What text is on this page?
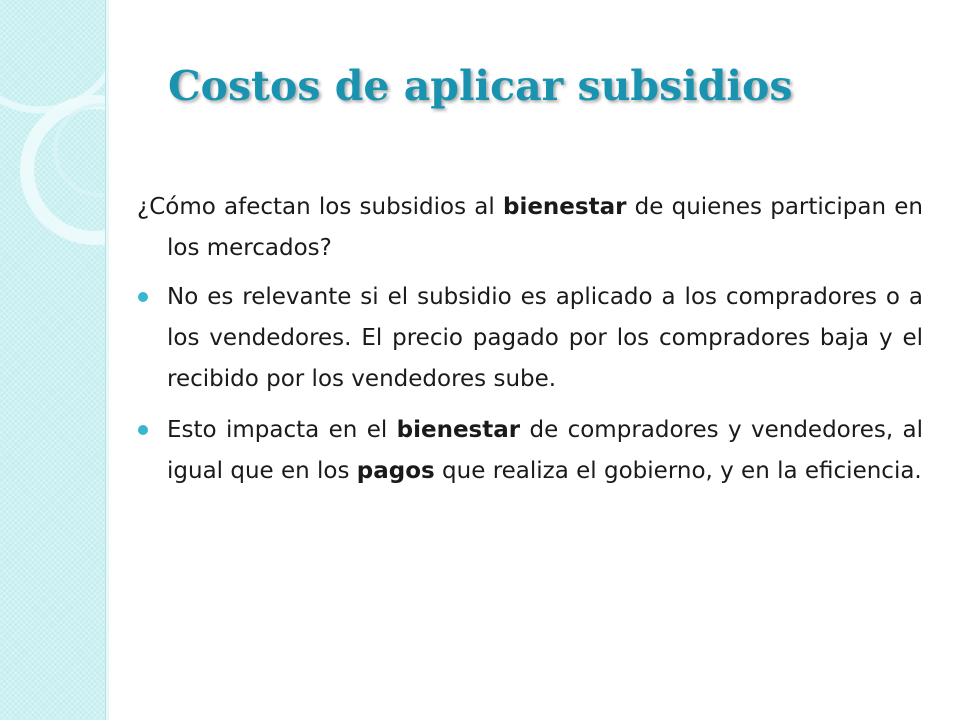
Costos de aplicar subsidios

¿Cómo afectan los subsidios al bienestar de quienes participan en los mercados?

No es relevante si el subsidio es aplicado a los compradores o a los vendedores. El precio pagado por los compradores baja y el recibido por los vendedores sube.
Esto impacta en el bienestar de compradores y vendedores, al igual que en los pagos que realiza el gobierno, y en la eficiencia.
